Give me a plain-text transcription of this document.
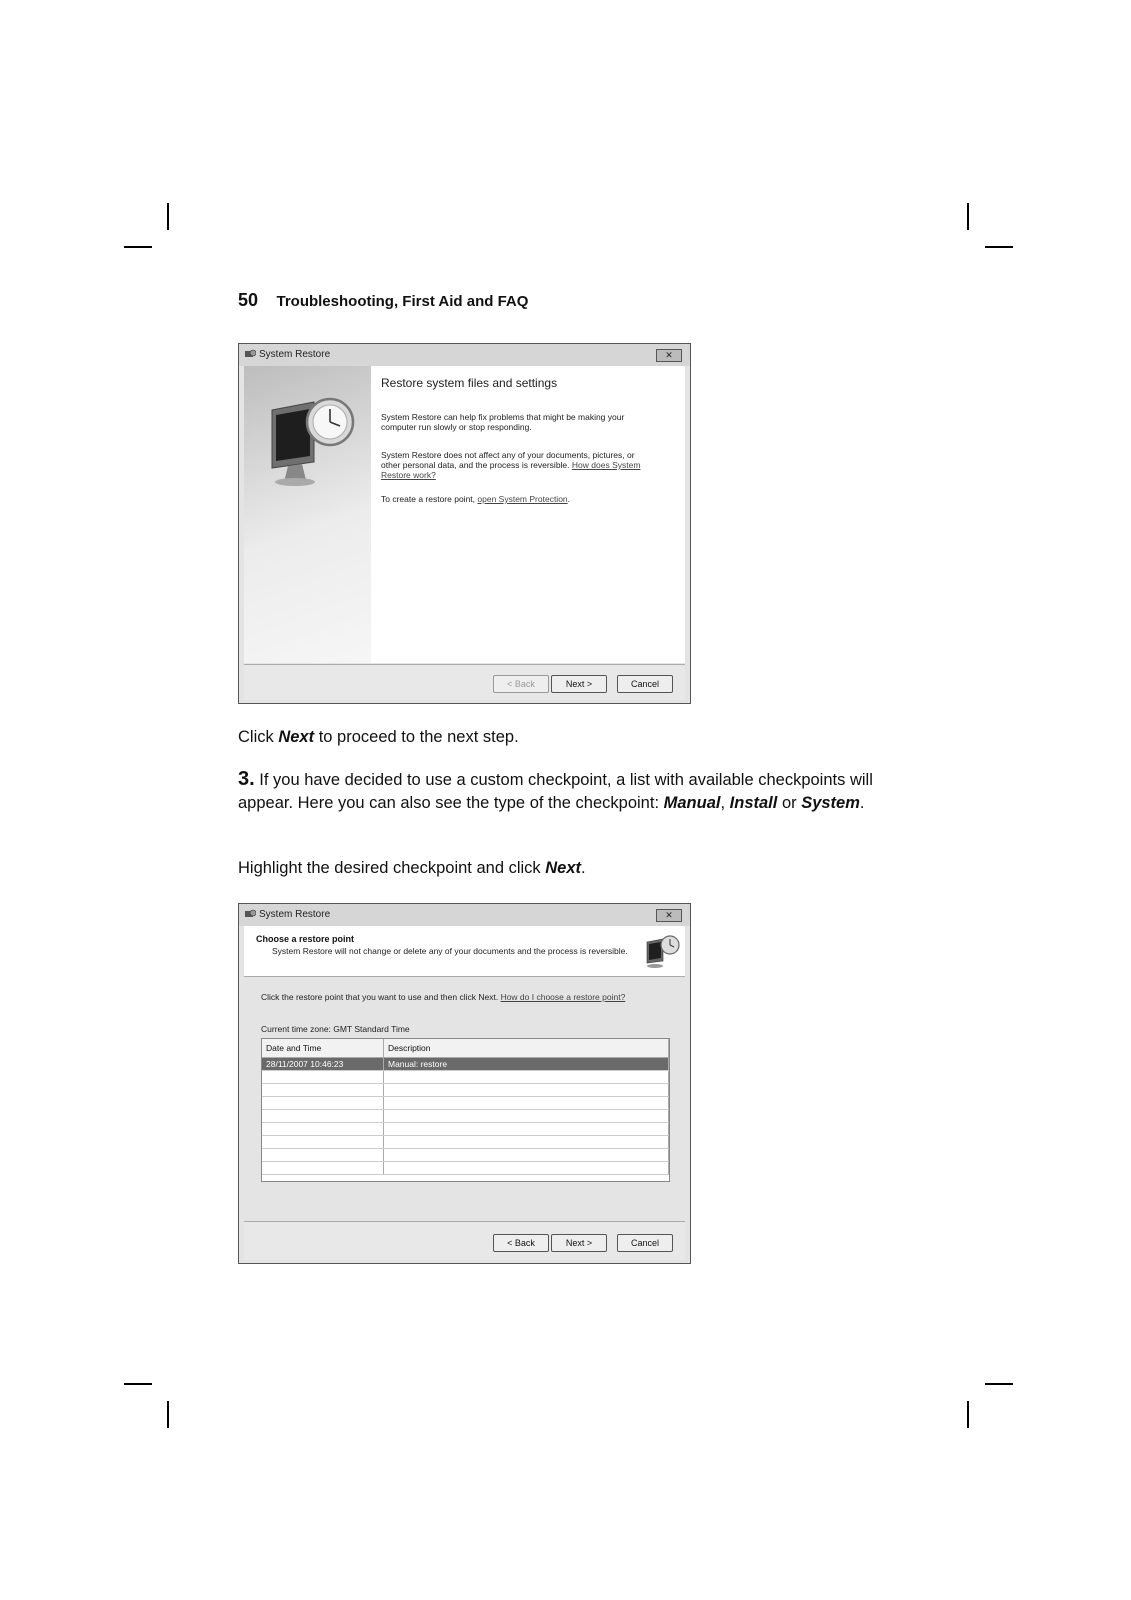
50 Troubleshooting, First Aid and FAQ
System Restore	✕
Restore system files and settings
System Restore can help fix problems that might be making your computer run slowly or stop responding.
System Restore does not affect any of your documents, pictures, or other personal data, and the process is reversible. How does System Restore work?
To create a restore point, open System Protection.
< Back	Next >	Cancel
Click Next to proceed to the next step.
3. If you have decided to use a custom checkpoint, a list with available checkpoints will appear. Here you can also see the type of the checkpoint: Manual, Install or System.
Highlight the desired checkpoint and click Next.
System Restore	✕
Choose a restore point
System Restore will not change or delete any of your documents and the process is reversible.
Click the restore point that you want to use and then click Next. How do I choose a restore point?
Current time zone: GMT Standard Time
Date and Time	Description
28/11/2007 10:46:23	Manual: restore

< Back	Next >	Cancel
